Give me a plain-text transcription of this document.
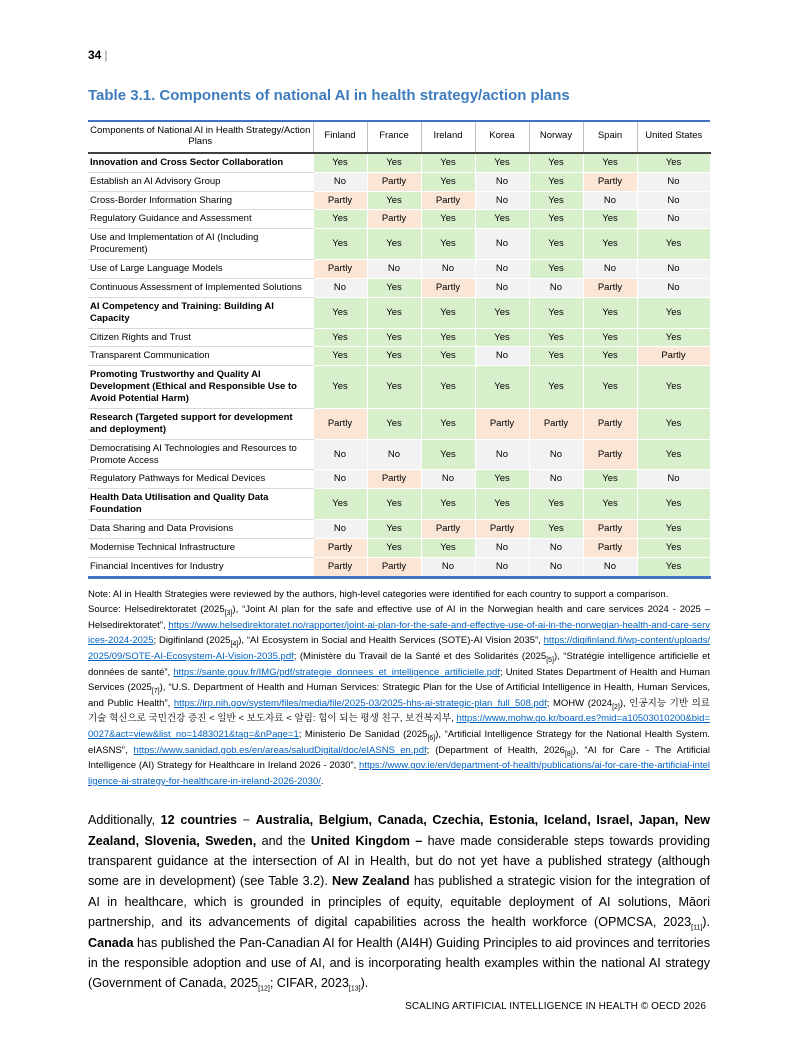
34 |
Table 3.1. Components of national AI in health strategy/action plans
Components of National AI in Health Strategy/Action Plans	Finland	France	Ireland	Korea	Norway	Spain	United States
Innovation and Cross Sector Collaboration	Yes	Yes	Yes	Yes	Yes	Yes	Yes
Establish an AI Advisory Group	No	Partly	Yes	No	Yes	Partly	No
Cross-Border Information Sharing	Partly	Yes	Partly	No	Yes	No	No
Regulatory Guidance and Assessment	Yes	Partly	Yes	Yes	Yes	Yes	No
Use and Implementation of AI (Including Procurement)	Yes	Yes	Yes	No	Yes	Yes	Yes
Use of Large Language Models	Partly	No	No	No	Yes	No	No
Continuous Assessment of Implemented Solutions	No	Yes	Partly	No	No	Partly	No
AI Competency and Training: Building AI Capacity	Yes	Yes	Yes	Yes	Yes	Yes	Yes
Citizen Rights and Trust	Yes	Yes	Yes	Yes	Yes	Yes	Yes
Transparent Communication	Yes	Yes	Yes	No	Yes	Yes	Partly
Promoting Trustworthy and Quality AI Development (Ethical and Responsible Use to Avoid Potential Harm)	Yes	Yes	Yes	Yes	Yes	Yes	Yes
Research (Targeted support for development and deployment)	Partly	Yes	Yes	Partly	Partly	Partly	Yes
Democratising AI Technologies and Resources to Promote Access	No	No	Yes	No	No	Partly	Yes
Regulatory Pathways for Medical Devices	No	Partly	No	Yes	No	Yes	No
Health Data Utilisation and Quality Data Foundation	Yes	Yes	Yes	Yes	Yes	Yes	Yes
Data Sharing and Data Provisions	No	Yes	Partly	Partly	Yes	Partly	Yes
Modernise Technical Infrastructure	Partly	Yes	Yes	No	No	Partly	Yes
Financial Incentives for Industry	Partly	Partly	No	No	No	No	Yes
Note: AI in Health Strategies were reviewed by the authors, high-level categories were identified for each country to support a comparison.
Source: Helsedirektoratet $(2025_{[3]})$, “Joint AI plan for the safe and effective use of AI in the Norwegian health and care services 2024 - 2025 – Helsedirektoratet”, https://www.helsedirektoratet.no/rapporter/joint-ai-plan-for-the-safe-and-effective-use-of-ai-in-the-norwegian-health-and-care-services-2024-2025; Digifinland $(2025_{[4]})$, “AI Ecosystem in Social and Health Services (SOTE)-AI Vision 2035”, https://digifinland.fi/wp-content/uploads/2025/09/SOTE-AI-Ecosystem-AI-Vision-2035.pdf; (Ministère du Travail de la Santé et des Solidarités $(2025_{[5]})$, “Stratégie intelligence artificielle et données de santé”, https://sante.gouv.fr/IMG/pdf/strategie_donnees_et_intelligence_artificielle.pdf; United States Department of Health and Human Services $(2025_{[7]})$, “U.S. Department of Health and Human Services: Strategic Plan for the Use of Artificial Intelligence in Health, Human Services, and Public Health”, https://irp.nih.gov/system/files/media/file/2025-03/2025-hhs-ai-strategic-plan_full_508.pdf; MOHW $(2024_{[2]})$, 인공지능 기반 의료기술 혁신으로 국민건강 증진 < 일반 < 보도자료 < 알림: 힘이 되는 평생 친구, 보건복지부, https://www.mohw.go.kr/board.es?mid=a10503010200&bid=0027&act=view&list_no=1483021&tag=&nPage=1; Ministerio De Sanidad $(2025_{[6]})$, “Artificial Intelligence Strategy for the National Health System. eIASNS”, https://www.sanidad.gob.es/en/areas/saludDigital/doc/eIASNS_en.pdf; (Department of Health, $2026_{[8]}$), “AI for Care - The Artificial Intelligence (AI) Strategy for Healthcare in Ireland 2026 - 2030”, https://www.gov.ie/en/department-of-health/publications/ai-for-care-the-artificial-intelligence-ai-strategy-for-healthcare-in-ireland-2026-2030/.
Additionally, 12 countries − Australia, Belgium, Canada, Czechia, Estonia, Iceland, Israel, Japan, New Zealand, Slovenia, Sweden, and the United Kingdom – have made considerable steps towards providing transparent guidance at the intersection of AI in Health, but do not yet have a published strategy (although some are in development) (see Table 3.2). New Zealand has published a strategic vision for the integration of AI in healthcare, which is grounded in principles of equity, equitable deployment of AI solutions, Māori partnership, and its advancements of digital capabilities across the health workforce (OPMCSA, $2023_{[11]}$). Canada has published the Pan-Canadian AI for Health (AI4H) Guiding Principles to aid provinces and territories in the responsible adoption and use of AI, and is incorporating health examples within the national AI strategy (Government of Canada, $2025_{[12]}$; CIFAR, $2023_{[13]}$).
SCALING ARTIFICIAL INTELLIGENCE IN HEALTH © OECD 2026
